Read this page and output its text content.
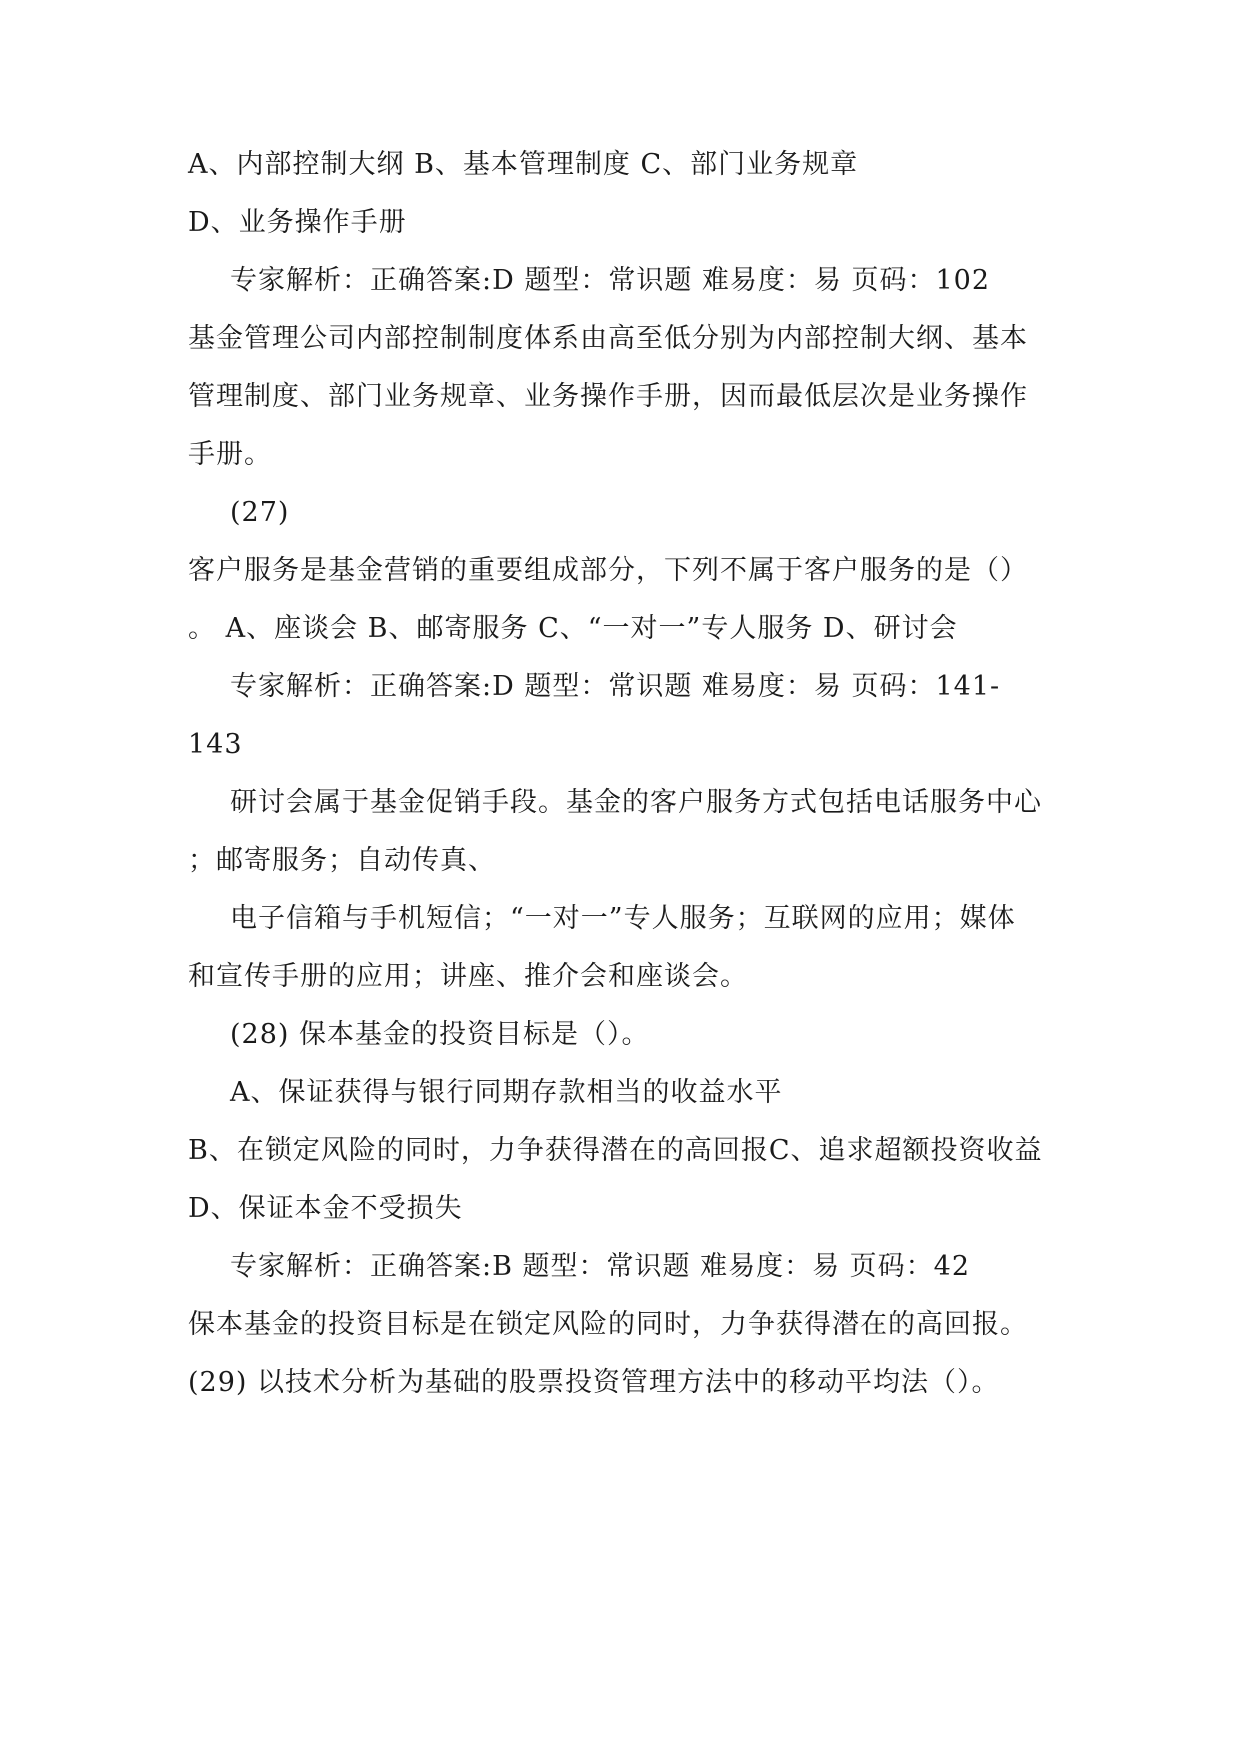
A、内部控制大纲 B、基本管理制度 C、部门业务规章
D、业务操作手册
专家解析：正确答案:D 题型：常识题 难易度：易 页码：102
基金管理公司内部控制制度体系由高至低分别为内部控制大纲、基本
管理制度、部门业务规章、业务操作手册，因而最低层次是业务操作
手册。
(27)
客户服务是基金营销的重要组成部分，下列不属于客户服务的是（）
。 A、座谈会 B、邮寄服务 C、“一对一”专人服务 D、研讨会
专家解析：正确答案:D 题型：常识题 难易度：易 页码：141-
143
研讨会属于基金促销手段。基金的客户服务方式包括电话服务中心
；邮寄服务；自动传真、
电子信箱与手机短信；“一对一”专人服务；互联网的应用；媒体
和宣传手册的应用；讲座、推介会和座谈会。
(28) 保本基金的投资目标是（）。
A、保证获得与银行同期存款相当的收益水平
B、在锁定风险的同时，力争获得潜在的高回报C、追求超额投资收益
D、保证本金不受损失
专家解析：正确答案:B 题型：常识题 难易度：易 页码：42
保本基金的投资目标是在锁定风险的同时，力争获得潜在的高回报。
(29) 以技术分析为基础的股票投资管理方法中的移动平均法（）。
